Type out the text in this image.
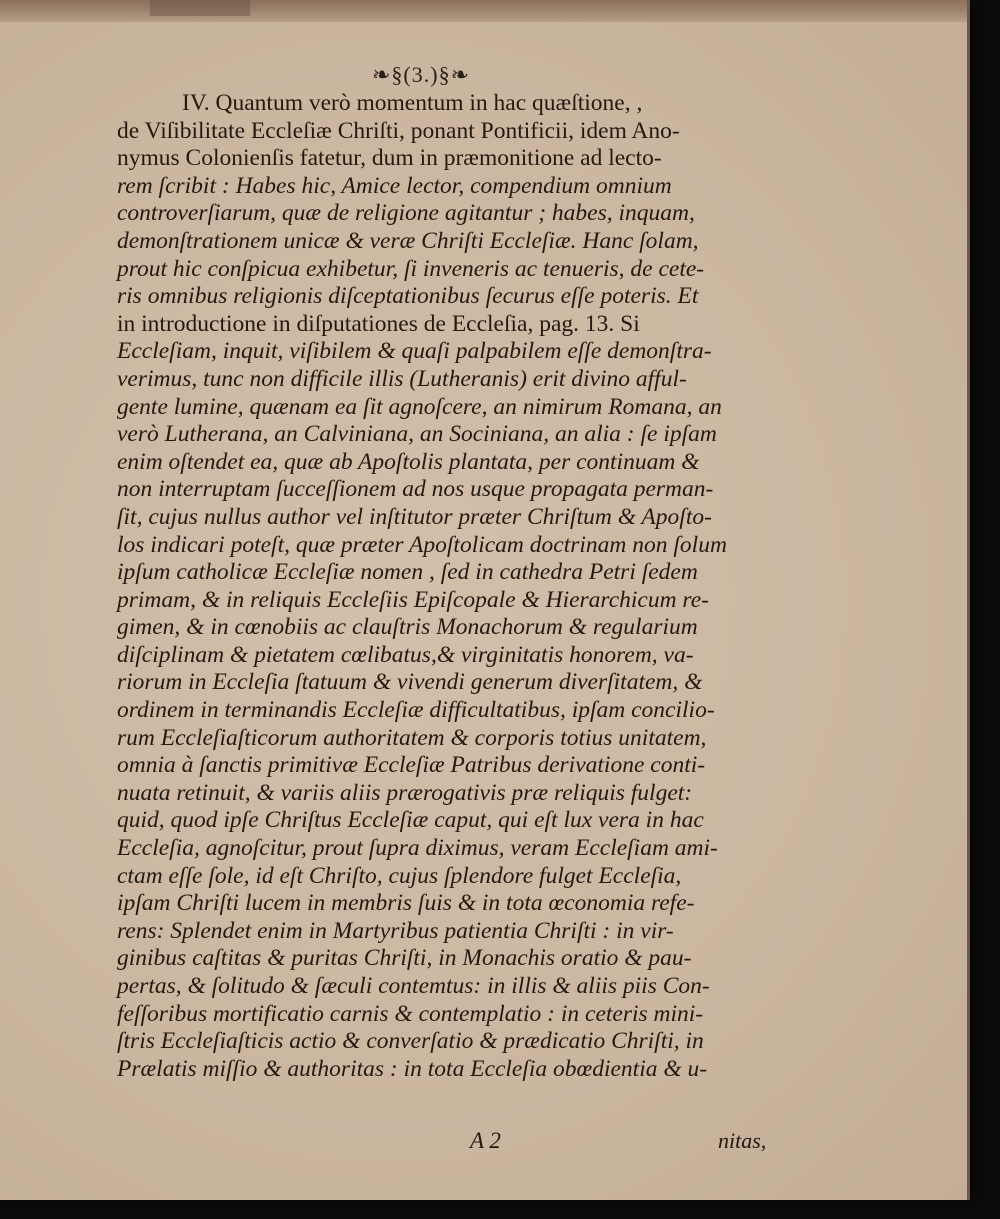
❧§(3.)§❧
IV. Quantum verò momentum in hac quæſtione, ,
de Viſibilitate Eccleſiæ Chriſti, ponant Pontificii, idem Ano-
nymus Colonienſis fatetur, dum in præmonitione ad lecto-
rem ſcribit : Habes hic, Amice lector, compendium omnium
controverſiarum, quæ de religione agitantur ; habes, inquam,
demonſtrationem unicæ & veræ Chriſti Eccleſiæ. Hanc ſolam,
prout hic conſpicua exhibetur, ſi inveneris ac tenueris, de cete-
ris omnibus religionis diſceptationibus ſecurus eſſe poteris. Et
in introductione in diſputationes de Eccleſia, pag. 13. Si
Eccleſiam, inquit, viſibilem & quaſi palpabilem eſſe demonſtra-
verimus, tunc non difficile illis (Lutheranis) erit divino afful-
gente lumine, quænam ea ſit agnoſcere, an nimirum Romana, an
verò Lutherana, an Calviniana, an Sociniana, an alia : ſe ipſam
enim oſtendet ea, quæ ab Apoſtolis plantata, per continuam &
non interruptam ſucceſſionem ad nos usque propagata perman-
ſit, cujus nullus author vel inſtitutor præter Chriſtum & Apoſto-
los indicari poteſt, quæ præter Apoſtolicam doctrinam non ſolum
ipſum catholicæ Eccleſiæ nomen , ſed in cathedra Petri ſedem
primam, & in reliquis Eccleſiis Epiſcopale & Hierarchicum re-
gimen, & in cœnobiis ac clauſtris Monachorum & regularium
diſciplinam & pietatem cœlibatus,& virginitatis honorem, va-
riorum in Eccleſia ſtatuum & vivendi generum diverſitatem, &
ordinem in terminandis Eccleſiæ difficultatibus, ipſam concilio-
rum Eccleſiaſticorum authoritatem & corporis totius unitatem,
omnia à ſanctis primitivæ Eccleſiæ Patribus derivatione conti-
nuata retinuit, & variis aliis prærogativis præ reliquis fulget:
quid, quod ipſe Chriſtus Eccleſiæ caput, qui eſt lux vera in hac
Eccleſia, agnoſcitur, prout ſupra diximus, veram Eccleſiam ami-
ctam eſſe ſole, id eſt Chriſto, cujus ſplendore fulget Eccleſia,
ipſam Chriſti lucem in membris ſuis & in tota œconomia refe-
rens: Splendet enim in Martyribus patientia Chriſti : in vir-
ginibus caſtitas & puritas Chriſti, in Monachis oratio & pau-
pertas, & ſolitudo & ſæculi contemtus: in illis & aliis piis Con-
feſſoribus mortificatio carnis & contemplatio : in ceteris mini-
ſtris Eccleſiaſticis actio & converſatio & prædicatio Chriſti, in
Prælatis miſſio & authoritas : in tota Eccleſia obœdientia & u-
A 2	nitas,
